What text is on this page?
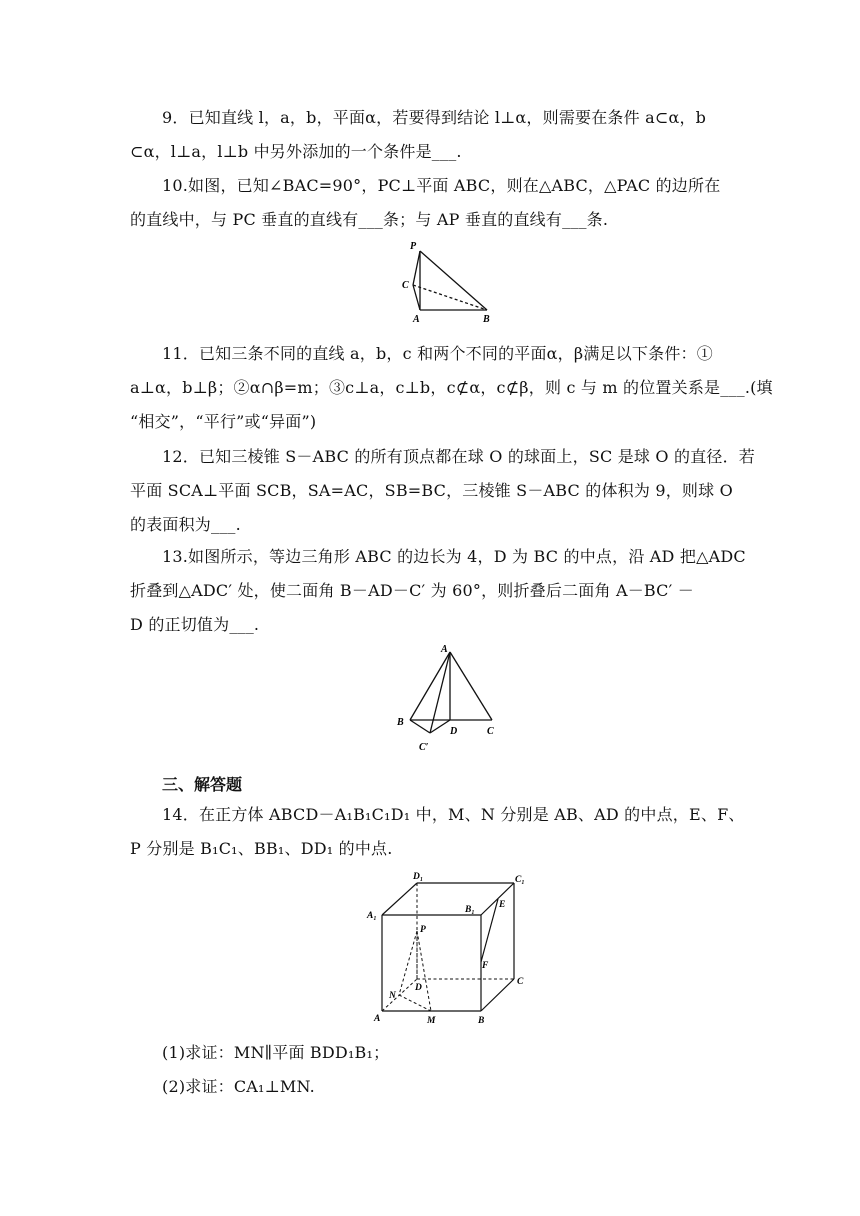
9．已知直线 l，a，b，平面α，若要得到结论 l⊥α，则需要在条件 a⊂α，b
⊂α，l⊥a，l⊥b 中另外添加的一个条件是___.
10.如图，已知∠BAC=90°，PC⊥平面 ABC，则在△ABC，△PAC 的边所在
的直线中，与 PC 垂直的直线有___条；与 AP 垂直的直线有___条.
P
C
A	B
11．已知三条不同的直线 a，b，c 和两个不同的平面α，β满足以下条件：①
a⊥α，b⊥β；②α∩β=m；③c⊥a，c⊥b，c⊄α，c⊄β，则 c 与 m 的位置关系是___.(填
“相交”，“平行”或“异面”)
12．已知三棱锥 S－ABC 的所有顶点都在球 O 的球面上，SC 是球 O 的直径．若
平面 SCA⊥平面 SCB，SA=AC，SB=BC，三棱锥 S－ABC 的体积为 9，则球 O
的表面积为___.
13.如图所示，等边三角形 ABC 的边长为 4，D 为 BC 的中点，沿 AD 把△ADC
折叠到△ADC′ 处，使二面角 B－AD－C′ 为 60°，则折叠后二面角 A－BC′ －
D 的正切值为___.
A
B
D	C
C′
三、解答题
14．在正方体 ABCD－A₁B₁C₁D₁ 中，M、N 分别是 AB、AD 的中点，E、F、
P 分别是 B₁C₁、BB₁、DD₁ 的中点.
D₁	C₁
A₁
B₁	E
P
F
C
N
D
A	M	B
(1)求证：MN∥平面 BDD₁B₁；
(2)求证：CA₁⊥MN.
